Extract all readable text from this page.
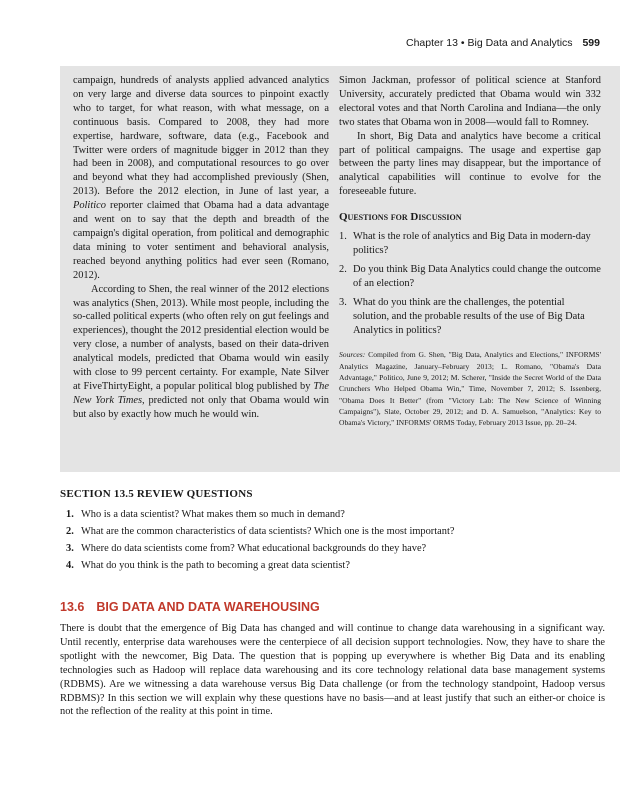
Chapter 13 • Big Data and Analytics 599

campaign, hundreds of analysts applied advanced analytics on very large and diverse data sources to pinpoint exactly who to target, for what reason, with what message, on a continuous basis. Compared to 2008, they had more expertise, hardware, software, data (e.g., Facebook and Twitter were orders of magnitude bigger in 2012 than they had been in 2008), and computational resources to go over and beyond what they had accomplished previously (Shen, 2013). Before the 2012 election, in June of last year, a Politico reporter claimed that Obama had a data advantage and went on to say that the depth and breadth of the campaign's digital operation, from political and demographic data mining to voter sentiment and behavioral analysis, reached beyond anything politics had ever seen (Romano, 2012).

According to Shen, the real winner of the 2012 elections was analytics (Shen, 2013). While most people, including the so-called political experts (who often rely on gut feelings and experiences), thought the 2012 presidential election would be very close, a number of analysts, based on their data-driven analytical models, predicted that Obama would win easily with close to 99 percent certainty. For example, Nate Silver at FiveThirtyEight, a popular political blog published by The New York Times, predicted not only that Obama would win but also by exactly how much he would win.

Simon Jackman, professor of political science at Stanford University, accurately predicted that Obama would win 332 electoral votes and that North Carolina and Indiana—the only two states that Obama won in 2008—would fall to Romney.

In short, Big Data and analytics have become a critical part of political campaigns. The usage and expertise gap between the party lines may disappear, but the importance of analytical capabilities will continue to evolve for the foreseeable future.

Questions for Discussion

1. What is the role of analytics and Big Data in modern-day politics?
2. Do you think Big Data Analytics could change the outcome of an election?
3. What do you think are the challenges, the potential solution, and the probable results of the use of Big Data Analytics in politics?

Sources: Compiled from G. Shen, "Big Data, Analytics and Elections," INFORMS' Analytics Magazine, January–February 2013; L. Romano, "Obama's Data Advantage," Politico, June 9, 2012; M. Scherer, "Inside the Secret World of the Data Crunchers Who Helped Obama Win," Time, November 7, 2012; S. Issenberg, "Obama Does It Better" (from "Victory Lab: The New Science of Winning Campaigns"), Slate, October 29, 2012; and D. A. Samuelson, "Analytics: Key to Obama's Victory," INFORMS' ORMS Today, February 2013 Issue, pp. 20–24.

SECTION 13.5 REVIEW QUESTIONS
1. Who is a data scientist? What makes them so much in demand?
2. What are the common characteristics of data scientists? Which one is the most important?
3. Where do data scientists come from? What educational backgrounds do they have?
4. What do you think is the path to becoming a great data scientist?
13.6 BIG DATA AND DATA WAREHOUSING

There is doubt that the emergence of Big Data has changed and will continue to change data warehousing in a significant way. Until recently, enterprise data warehouses were the centerpiece of all decision support technologies. Now, they have to share the spotlight with the newcomer, Big Data. The question that is popping up everywhere is whether Big Data and its enabling technologies such as Hadoop will replace data warehousing and its core technology relational data base management systems (RDBMS). Are we witnessing a data warehouse versus Big Data challenge (or from the technology standpoint, Hadoop versus RDBMS)? In this section we will explain why these questions have no basis—and at least justify that such an either-or choice is not the reflection of the reality at this point in time.
